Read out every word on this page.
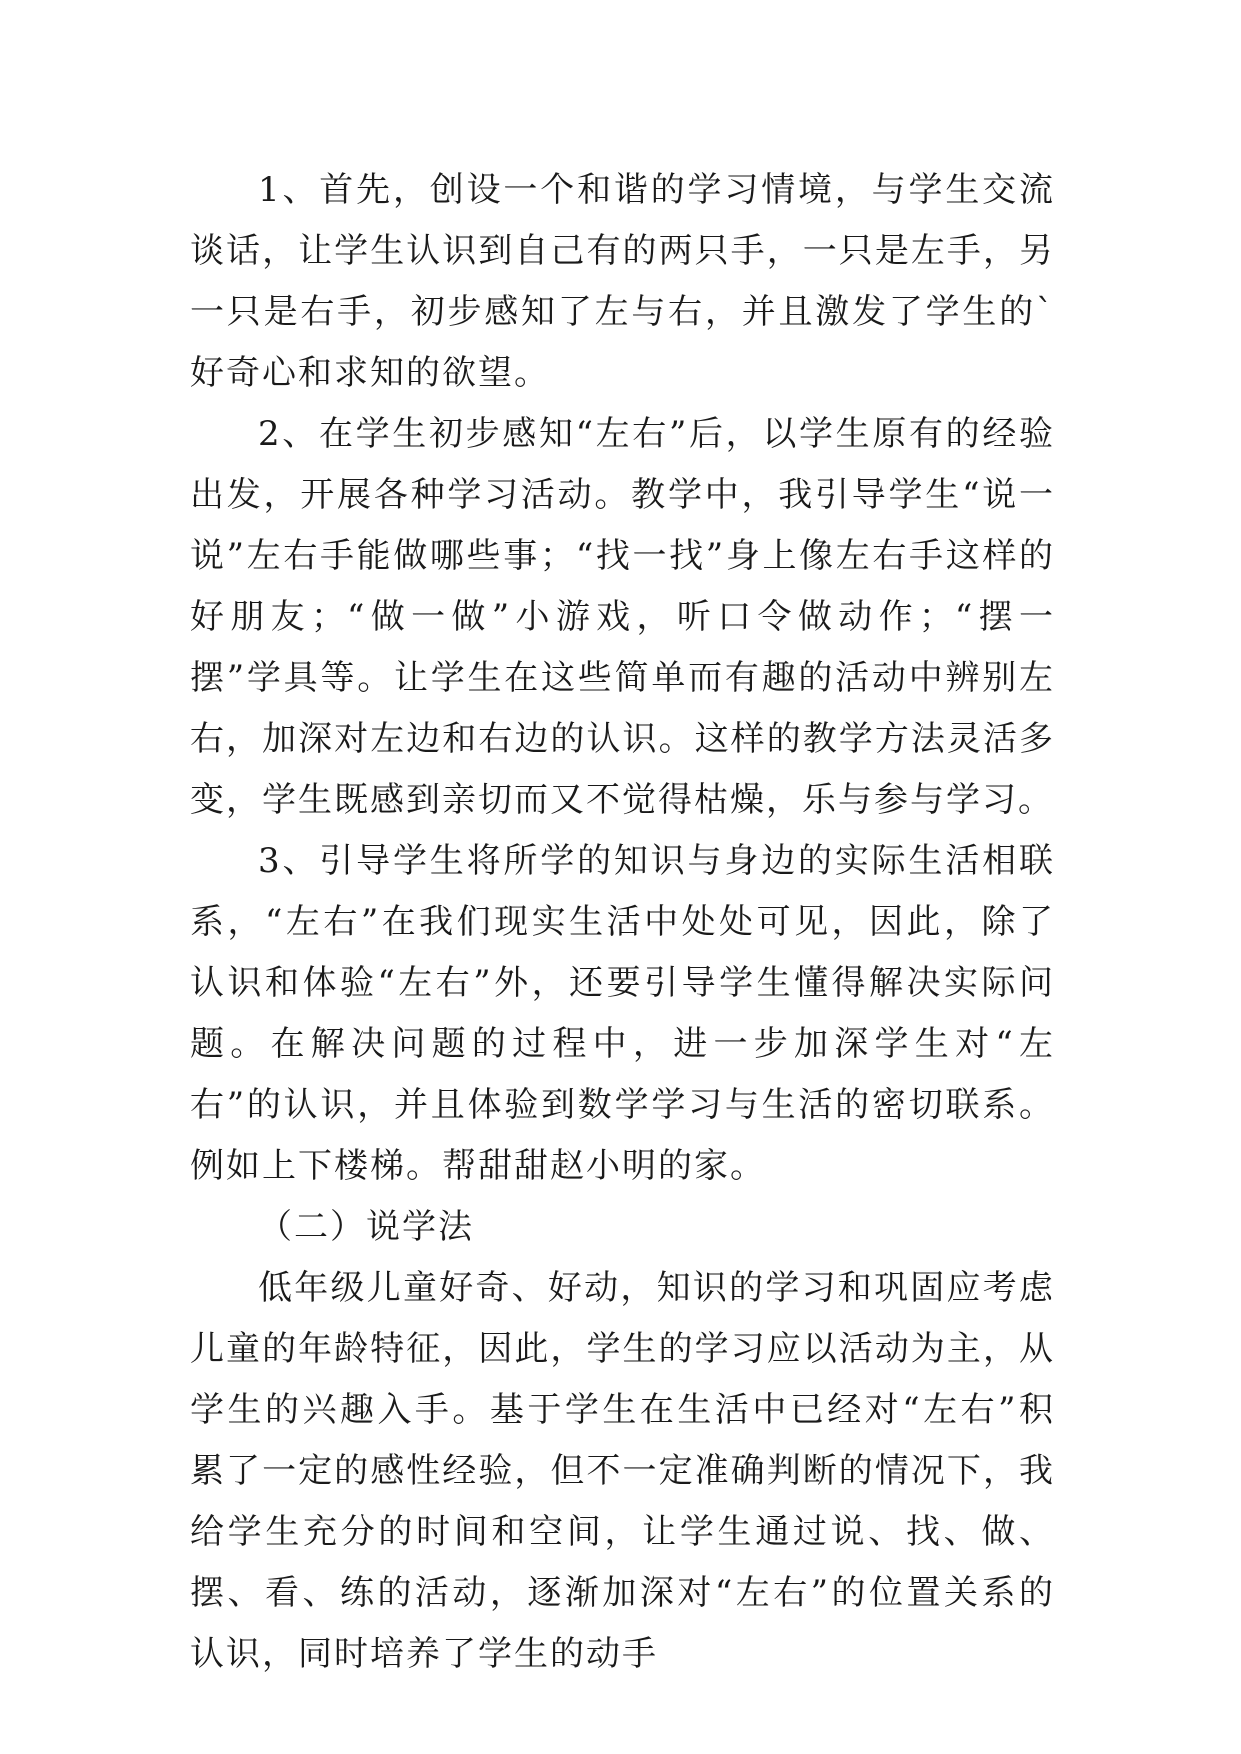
1、首先，创设一个和谐的学习情境，与学生交流谈话，让学生认识到自己有的两只手，一只是左手，另一只是右手，初步感知了左与右，并且激发了学生的`好奇心和求知的欲望。

2、在学生初步感知“左右”后，以学生原有的经验出发，开展各种学习活动。教学中，我引导学生“说一说”左右手能做哪些事；“找一找”身上像左右手这样的好朋友；“做一做”小游戏，听口令做动作；“摆一摆”学具等。让学生在这些简单而有趣的活动中辨别左右，加深对左边和右边的认识。这样的教学方法灵活多变，学生既感到亲切而又不觉得枯燥，乐与参与学习。

3、引导学生将所学的知识与身边的实际生活相联系，“左右”在我们现实生活中处处可见，因此，除了认识和体验“左右”外，还要引导学生懂得解决实际问题。在解决问题的过程中，进一步加深学生对“左右”的认识，并且体验到数学学习与生活的密切联系。例如上下楼梯。帮甜甜赵小明的家。

（二）说学法

低年级儿童好奇、好动，知识的学习和巩固应考虑儿童的年龄特征，因此，学生的学习应以活动为主，从学生的兴趣入手。基于学生在生活中已经对“左右”积累了一定的感性经验，但不一定准确判断的情况下，我给学生充分的时间和空间，让学生通过说、找、做、摆、看、练的活动，逐渐加深对“左右”的位置关系的认识，同时培养了学生的动手
